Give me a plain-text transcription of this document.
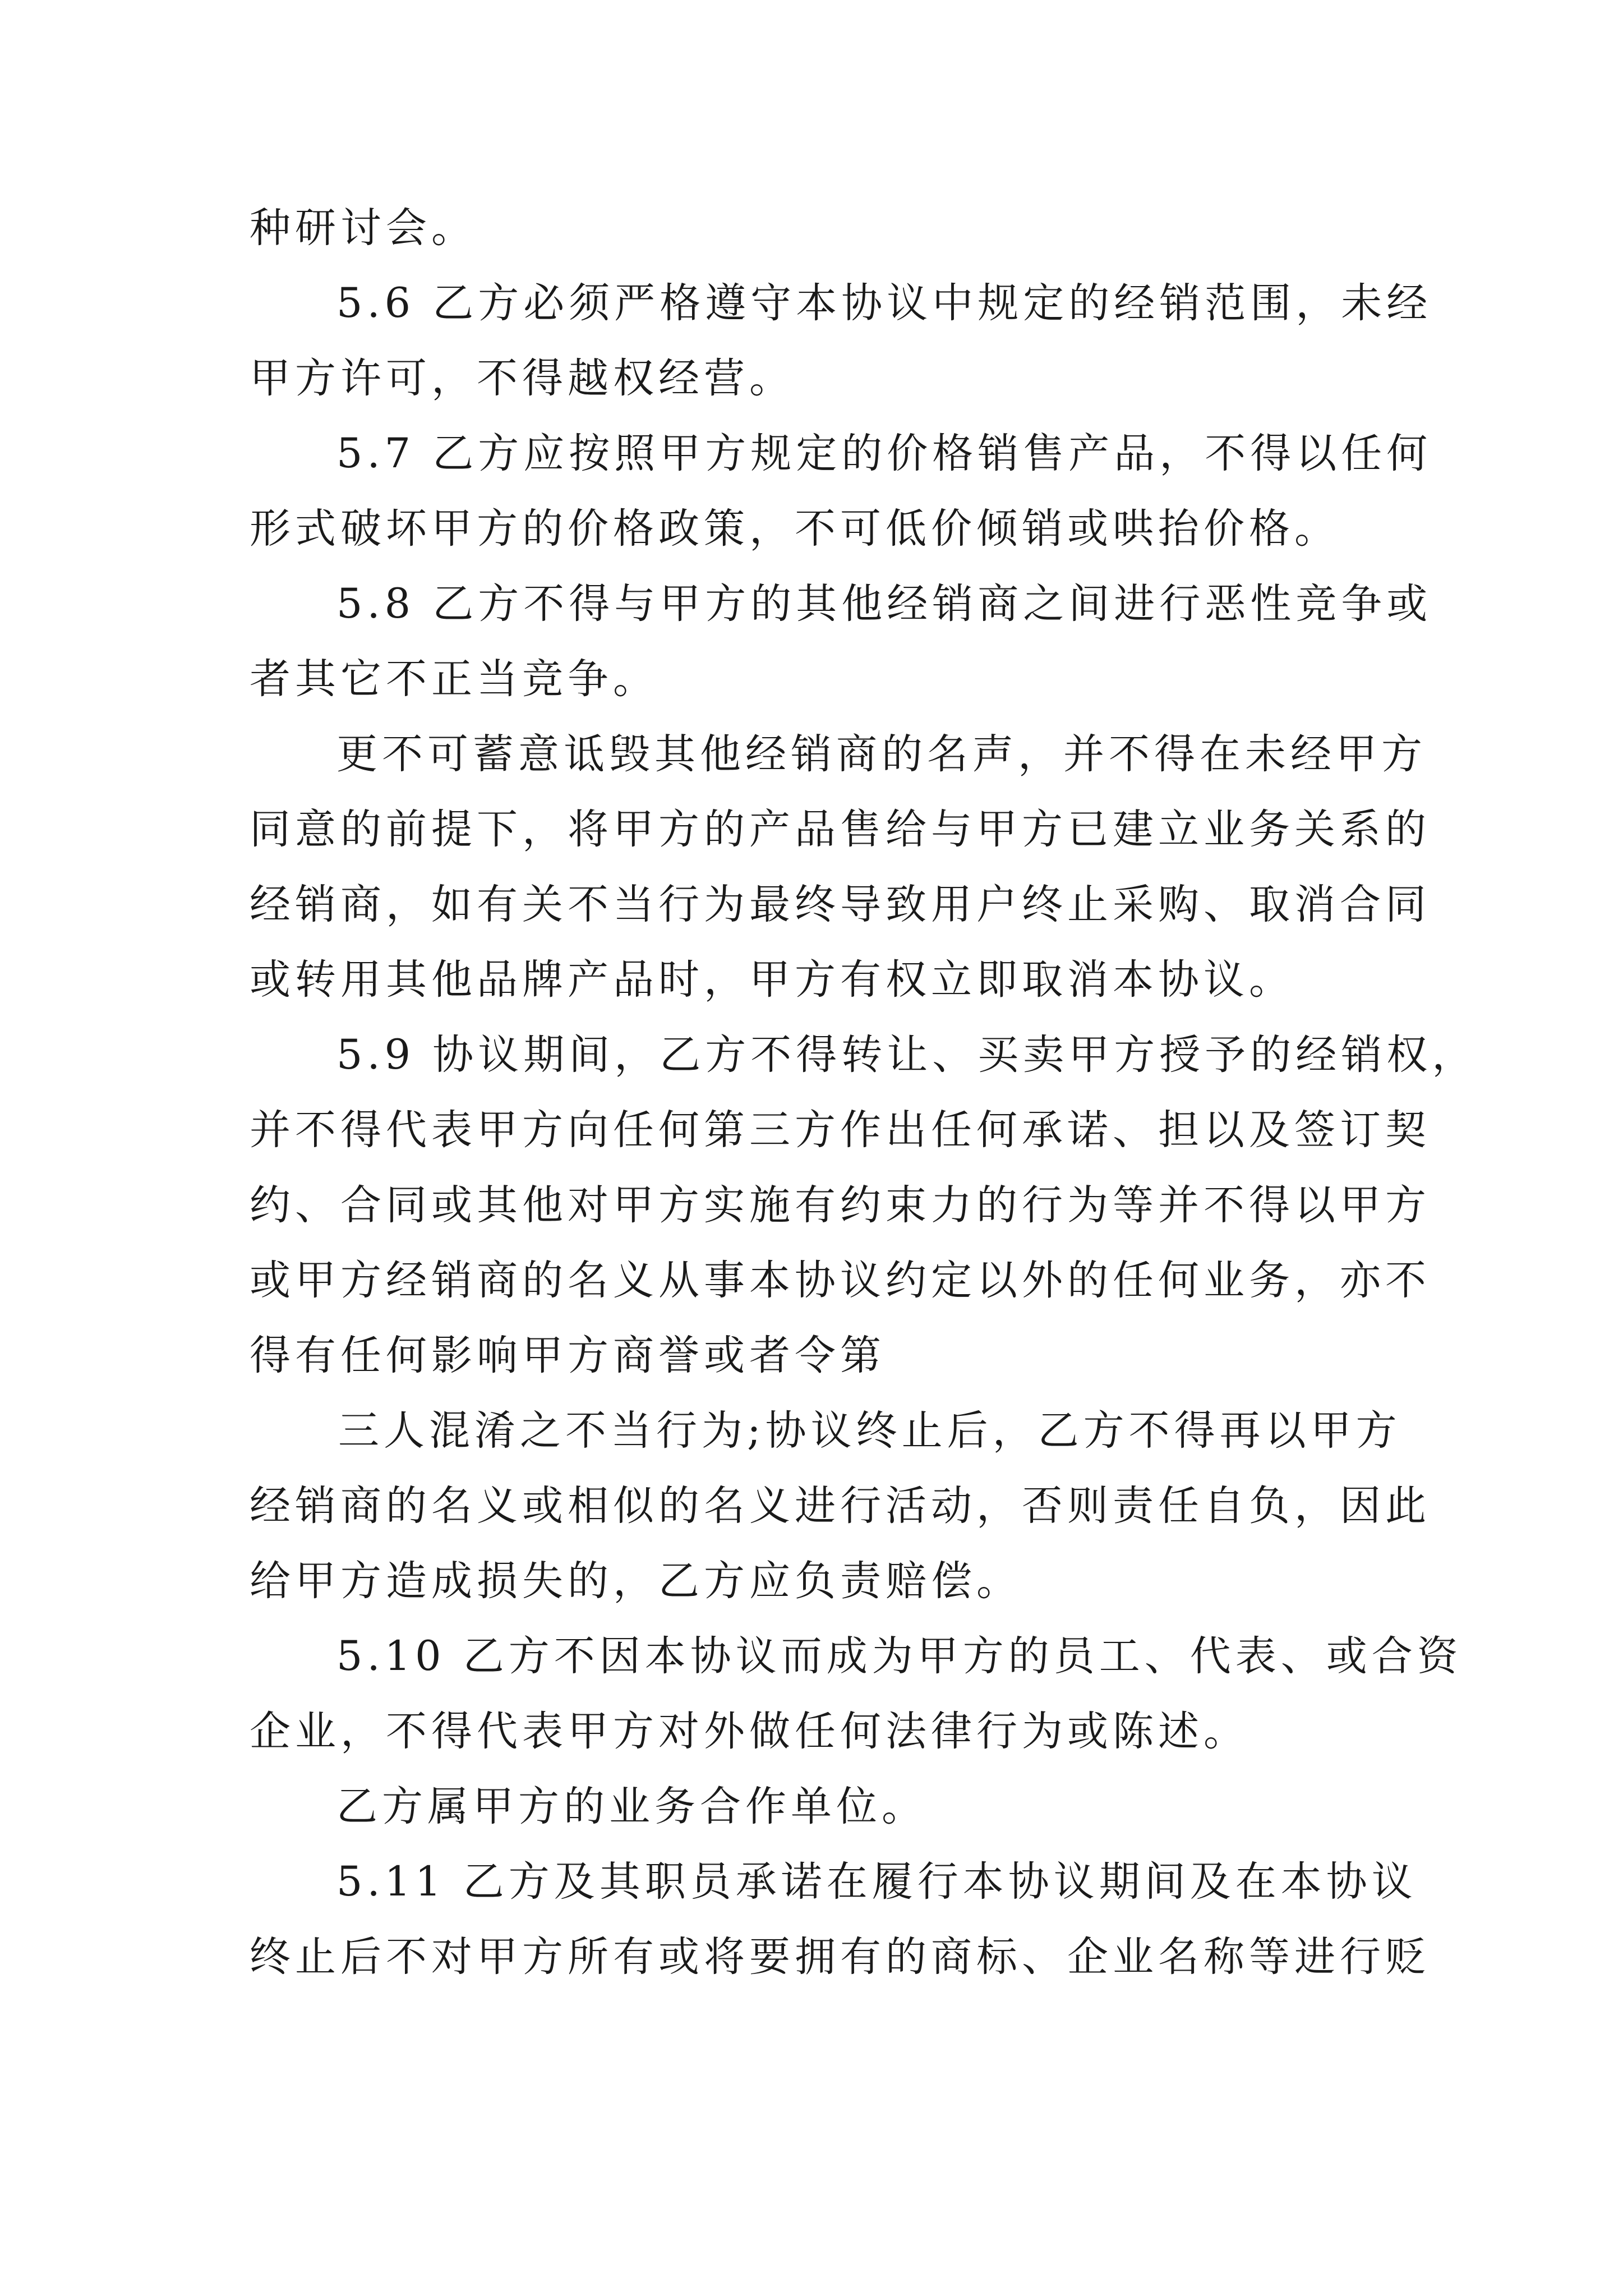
种研讨会。
5.6 乙方必须严格遵守本协议中规定的经销范围，未经
甲方许可，不得越权经营。
5.7 乙方应按照甲方规定的价格销售产品，不得以任何
形式破坏甲方的价格政策，不可低价倾销或哄抬价格。
5.8 乙方不得与甲方的其他经销商之间进行恶性竞争或
者其它不正当竞争。
更不可蓄意诋毁其他经销商的名声，并不得在未经甲方
同意的前提下，将甲方的产品售给与甲方已建立业务关系的
经销商，如有关不当行为最终导致用户终止采购、取消合同
或转用其他品牌产品时，甲方有权立即取消本协议。
5.9 协议期间，乙方不得转让、买卖甲方授予的经销权，
并不得代表甲方向任何第三方作出任何承诺、担以及签订契
约、合同或其他对甲方实施有约束力的行为等并不得以甲方
或甲方经销商的名义从事本协议约定以外的任何业务，亦不
得有任何影响甲方商誉或者令第
三人混淆之不当行为;协议终止后，乙方不得再以甲方
经销商的名义或相似的名义进行活动，否则责任自负，因此
给甲方造成损失的，乙方应负责赔偿。
5.10 乙方不因本协议而成为甲方的员工、代表、或合资
企业，不得代表甲方对外做任何法律行为或陈述。
乙方属甲方的业务合作单位。
5.11 乙方及其职员承诺在履行本协议期间及在本协议
终止后不对甲方所有或将要拥有的商标、企业名称等进行贬
